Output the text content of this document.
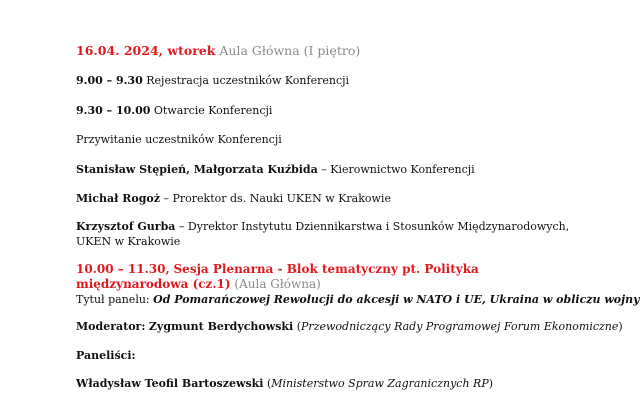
16.04. 2024, wtorek Aula Główna (I piętro)
9.00 – 9.30 Rejestracja uczestników Konferencji
9.30 – 10.00 Otwarcie Konferencji
Przywitanie uczestników Konferencji
Stanisław Stępień, Małgorzata Kuźbida – Kierownictwo Konferencji
Michał Rogoż – Prorektor ds. Nauki UKEN w Krakowie
Krzysztof Gurba – Dyrektor Instytutu Dziennikarstwa i Stosunków Międzynarodowych, UKEN w Krakowie
10.00 – 11.30, Sesja Plenarna - Blok tematyczny pt. Polityka międzynarodowa (cz.1) (Aula Główna)
Tytuł panelu: Od Pomarańczowej Rewolucji do akcesji w NATO i UE, Ukraina w obliczu wojny
Moderator: Zygmunt Berdychowski (Przewodniczący Rady Programowej Forum Ekonomiczne)
Paneliści:
Władysław Teofil Bartoszewski (Ministerstwo Spraw Zagranicznych RP)
